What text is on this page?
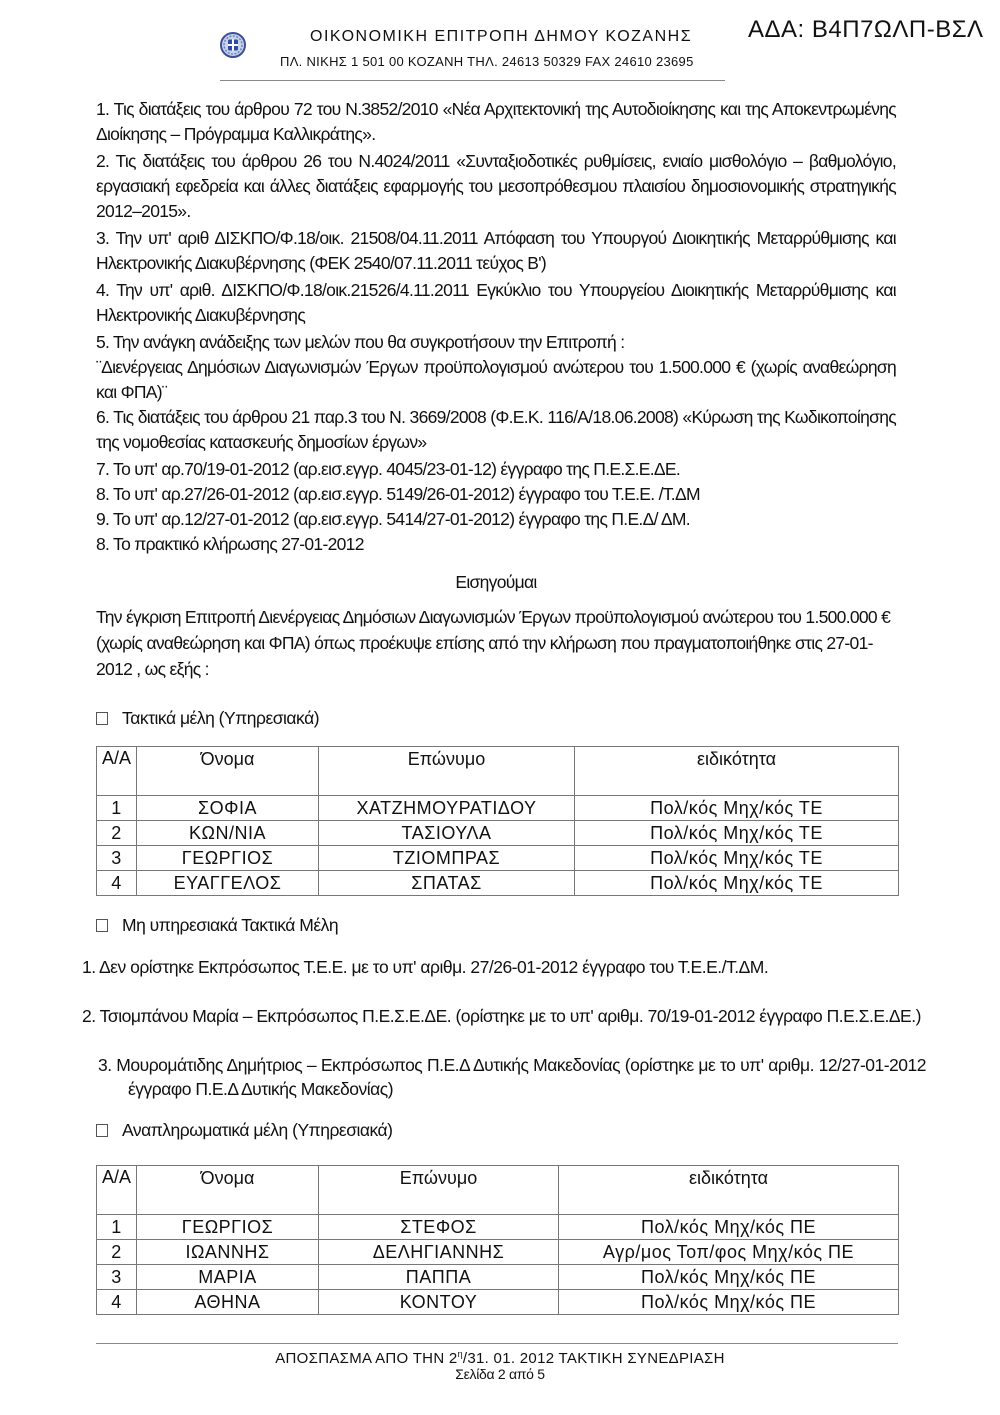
ΟΙΚΟΝΟΜΙΚΗ ΕΠΙΤΡΟΠΗ ΔΗΜΟΥ ΚΟΖΑΝΗΣ
ΠΛ. ΝΙΚΗΣ 1 501 00 ΚΟΖΑΝΗ ΤΗΛ. 24613 50329 FAX 24610 23695
ΑΔΑ: Β4Π7ΩΛΠ-ΒΣΛ

1. Τις διατάξεις του άρθρου 72 του Ν.3852/2010 «Νέα Αρχιτεκτονική της Αυτοδιοίκησης και της Αποκεντρωμένης Διοίκησης – Πρόγραμμα Καλλικράτης».

2. Τις διατάξεις του άρθρου 26 του Ν.4024/2011 «Συνταξιοδοτικές ρυθμίσεις, ενιαίο μισθολόγιο – βαθμολόγιο, εργασιακή εφεδρεία και άλλες διατάξεις εφαρμογής του μεσοπρόθεσμου πλαισίου δημοσιονομικής στρατηγικής 2012–2015».

3. Την υπ' αριθ ΔΙΣΚΠΟ/Φ.18/οικ. 21508/04.11.2011 Απόφαση του Υπουργού Διοικητικής Μεταρρύθμισης και Ηλεκτρονικής Διακυβέρνησης (ΦΕΚ 2540/07.11.2011 τεύχος Β')

4. Την υπ' αριθ. ΔΙΣΚΠΟ/Φ.18/οικ.21526/4.11.2011 Εγκύκλιο του Υπουργείου Διοικητικής Μεταρρύθμισης και Ηλεκτρονικής Διακυβέρνησης

5. Την ανάγκη ανάδειξης των μελών που θα συγκροτήσουν την Επιτροπή :

¨Διενέργειας Δημόσιων Διαγωνισμών Έργων προϋπολογισμού ανώτερου του 1.500.000 € (χωρίς αναθεώρηση και ΦΠΑ)¨

6. Τις διατάξεις του άρθρου 21 παρ.3 του Ν. 3669/2008 (Φ.Ε.Κ. 116/Α/18.06.2008) «Κύρωση της Κωδικοποίησης της νομοθεσίας κατασκευής δημοσίων έργων»

7. Το υπ' αρ.70/19-01-2012 (αρ.εισ.εγγρ. 4045/23-01-12) έγγραφο της Π.Ε.Σ.Ε.ΔΕ.

8. Το υπ' αρ.27/26-01-2012 (αρ.εισ.εγγρ. 5149/26-01-2012) έγγραφο του Τ.Ε.Ε. /Τ.ΔΜ

9. Το υπ' αρ.12/27-01-2012 (αρ.εισ.εγγρ. 5414/27-01-2012) έγγραφο της Π.Ε.Δ/ ΔΜ.

8. Το πρακτικό κλήρωσης 27-01-2012

Εισηγούμαι
Την έγκριση Επιτροπή Διενέργειας Δημόσιων Διαγωνισμών Έργων προϋπολογισμού ανώτερου του 1.500.000 € (χωρίς αναθεώρηση και ΦΠΑ) όπως προέκυψε επίσης από την κλήρωση που πραγματοποιήθηκε στις 27-01-2012 , ως εξής :
Τακτικά μέλη (Υπηρεσιακά)
Α/Α	Όνομα	Επώνυμο	ειδικότητα
1	ΣΟΦΙΑ	ΧΑΤΖΗΜΟΥΡΑΤΙΔΟΥ	Πολ/κός Μηχ/κός ΤΕ
2	ΚΩΝ/ΝΙΑ	ΤΑΣΙΟΥΛΑ	Πολ/κός Μηχ/κός ΤΕ
3	ΓΕΩΡΓΙΟΣ	ΤΖΙΟΜΠΡΑΣ	Πολ/κός Μηχ/κός ΤΕ
4	ΕΥΑΓΓΕΛΟΣ	ΣΠΑΤΑΣ	Πολ/κός Μηχ/κός ΤΕ
Μη υπηρεσιακά Τακτικά Μέλη
1. Δεν ορίστηκε Εκπρόσωπος Τ.Ε.Ε. με το υπ' αριθμ. 27/26-01-2012 έγγραφο του Τ.Ε.Ε./Τ.ΔΜ.
2. Τσιομπάνου Μαρία – Εκπρόσωπος Π.Ε.Σ.Ε.ΔΕ. (ορίστηκε με το υπ' αριθμ. 70/19-01-2012 έγγραφο Π.Ε.Σ.Ε.ΔΕ.)
3. Μουρομάτιδης Δημήτριος – Εκπρόσωπος Π.Ε.Δ Δυτικής Μακεδονίας (ορίστηκε με το υπ' αριθμ. 12/27-01-2012 έγγραφο Π.Ε.Δ Δυτικής Μακεδονίας)
Αναπληρωματικά μέλη (Υπηρεσιακά)
Α/Α	Όνομα	Επώνυμο	ειδικότητα
1	ΓΕΩΡΓΙΟΣ	ΣΤΕΦΟΣ	Πολ/κός Μηχ/κός ΠΕ
2	ΙΩΑΝΝΗΣ	ΔΕΛΗΓΙΑΝΝΗΣ	Αγρ/μος Τοπ/φος Μηχ/κός ΠΕ
3	ΜΑΡΙΑ	ΠΑΠΠΑ	Πολ/κός Μηχ/κός ΠΕ
4	ΑΘΗΝΑ	ΚΟΝΤΟΥ	Πολ/κός Μηχ/κός ΠΕ
ΑΠΟΣΠΑΣΜΑ ΑΠΟ ΤΗΝ $2^\eta/31$. 01. 2012 ΤΑΚΤΙΚΗ ΣΥΝΕΔΡΙΑΣΗ
Σελίδα 2 από 5
